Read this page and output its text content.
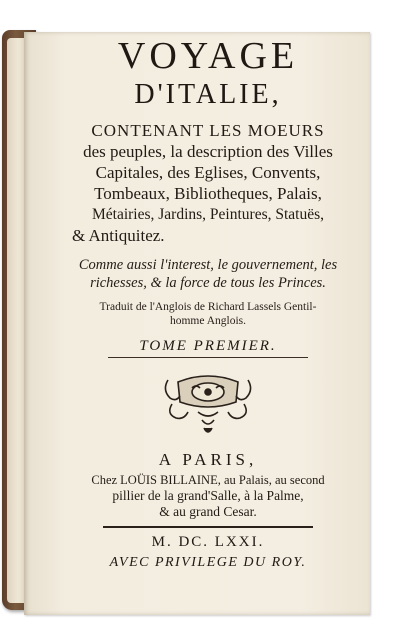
VOYAGE
D'ITALIE,
CONTENANT LES MOEURS
des peuples, la description des Villes
Capitales, des Eglises, Convents,
Tombeaux, Bibliotheques, Palais,
Métairies, Jardins, Peintures, Statuës,
& Antiquitez.
Comme aussi l'interest, le gouvernement, les
richesses, & la force de tous les Princes.
Traduit de l'Anglois de Richard Lassels Gentil-
homme Anglois.
TOME PREMIER.
A PARIS,
Chez LOÜIS BILLAINE, au Palais, au second
pillier de la grand'Salle, à la Palme,
& au grand Cesar.
M. DC. LXXI.
AVEC PRIVILEGE DU ROY.
